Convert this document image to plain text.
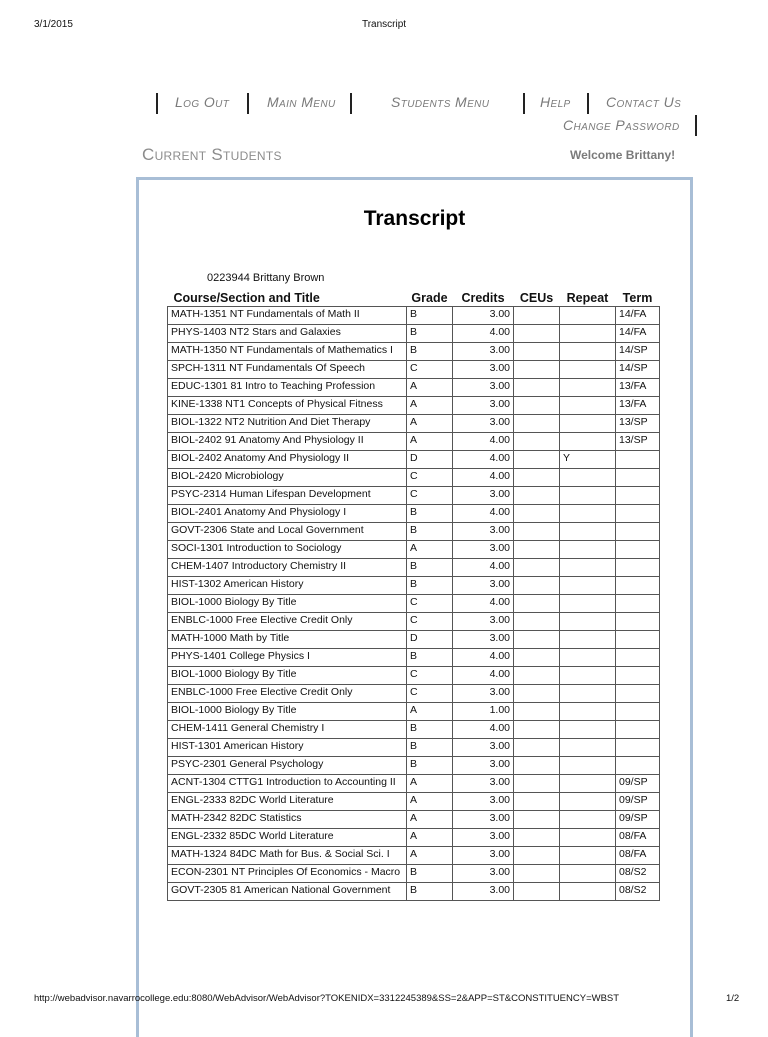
3/1/2015	Transcript
Log Out	Main Menu	Students Menu	Help	Contact Us
Change Password
Current Students	Welcome Brittany!
Transcript
0223944 Brittany Brown
Course/Section and Title	Grade	Credits	CEUs	Repeat	Term
MATH-1351 NT Fundamentals of Math II	B	3.00			14/FA
PHYS-1403 NT2 Stars and Galaxies	B	4.00			14/FA
MATH-1350 NT Fundamentals of Mathematics I	B	3.00			14/SP
SPCH-1311 NT Fundamentals Of Speech	C	3.00			14/SP
EDUC-1301 81 Intro to Teaching Profession	A	3.00			13/FA
KINE-1338 NT1 Concepts of Physical Fitness	A	3.00			13/FA
BIOL-1322 NT2 Nutrition And Diet Therapy	A	3.00			13/SP
BIOL-2402 91 Anatomy And Physiology II	A	4.00			13/SP
BIOL-2402 Anatomy And Physiology II	D	4.00		Y	
BIOL-2420 Microbiology	C	4.00			
PSYC-2314 Human Lifespan Development	C	3.00			
BIOL-2401 Anatomy And Physiology I	B	4.00			
GOVT-2306 State and Local Government	B	3.00			
SOCI-1301 Introduction to Sociology	A	3.00			
CHEM-1407 Introductory Chemistry II	B	4.00			
HIST-1302 American History	B	3.00			
BIOL-1000 Biology By Title	C	4.00			
ENBLC-1000 Free Elective Credit Only	C	3.00			
MATH-1000 Math by Title	D	3.00			
PHYS-1401 College Physics I	B	4.00			
BIOL-1000 Biology By Title	C	4.00			
ENBLC-1000 Free Elective Credit Only	C	3.00			
BIOL-1000 Biology By Title	A	1.00			
CHEM-1411 General Chemistry I	B	4.00			
HIST-1301 American History	B	3.00			
PSYC-2301 General Psychology	B	3.00			
ACNT-1304 CTTG1 Introduction to Accounting II	A	3.00			09/SP
ENGL-2333 82DC World Literature	A	3.00			09/SP
MATH-2342 82DC Statistics	A	3.00			09/SP
ENGL-2332 85DC World Literature	A	3.00			08/FA
MATH-1324 84DC Math for Bus. & Social Sci. I	A	3.00			08/FA
ECON-2301 NT Principles Of Economics - Macro	B	3.00			08/S2
GOVT-2305 81 American National Government	B	3.00			08/S2
http://webadvisor.navarrocollege.edu:8080/WebAdvisor/WebAdvisor?TOKENIDX=3312245389&SS=2&APP=ST&CONSTITUENCY=WBST	1/2
